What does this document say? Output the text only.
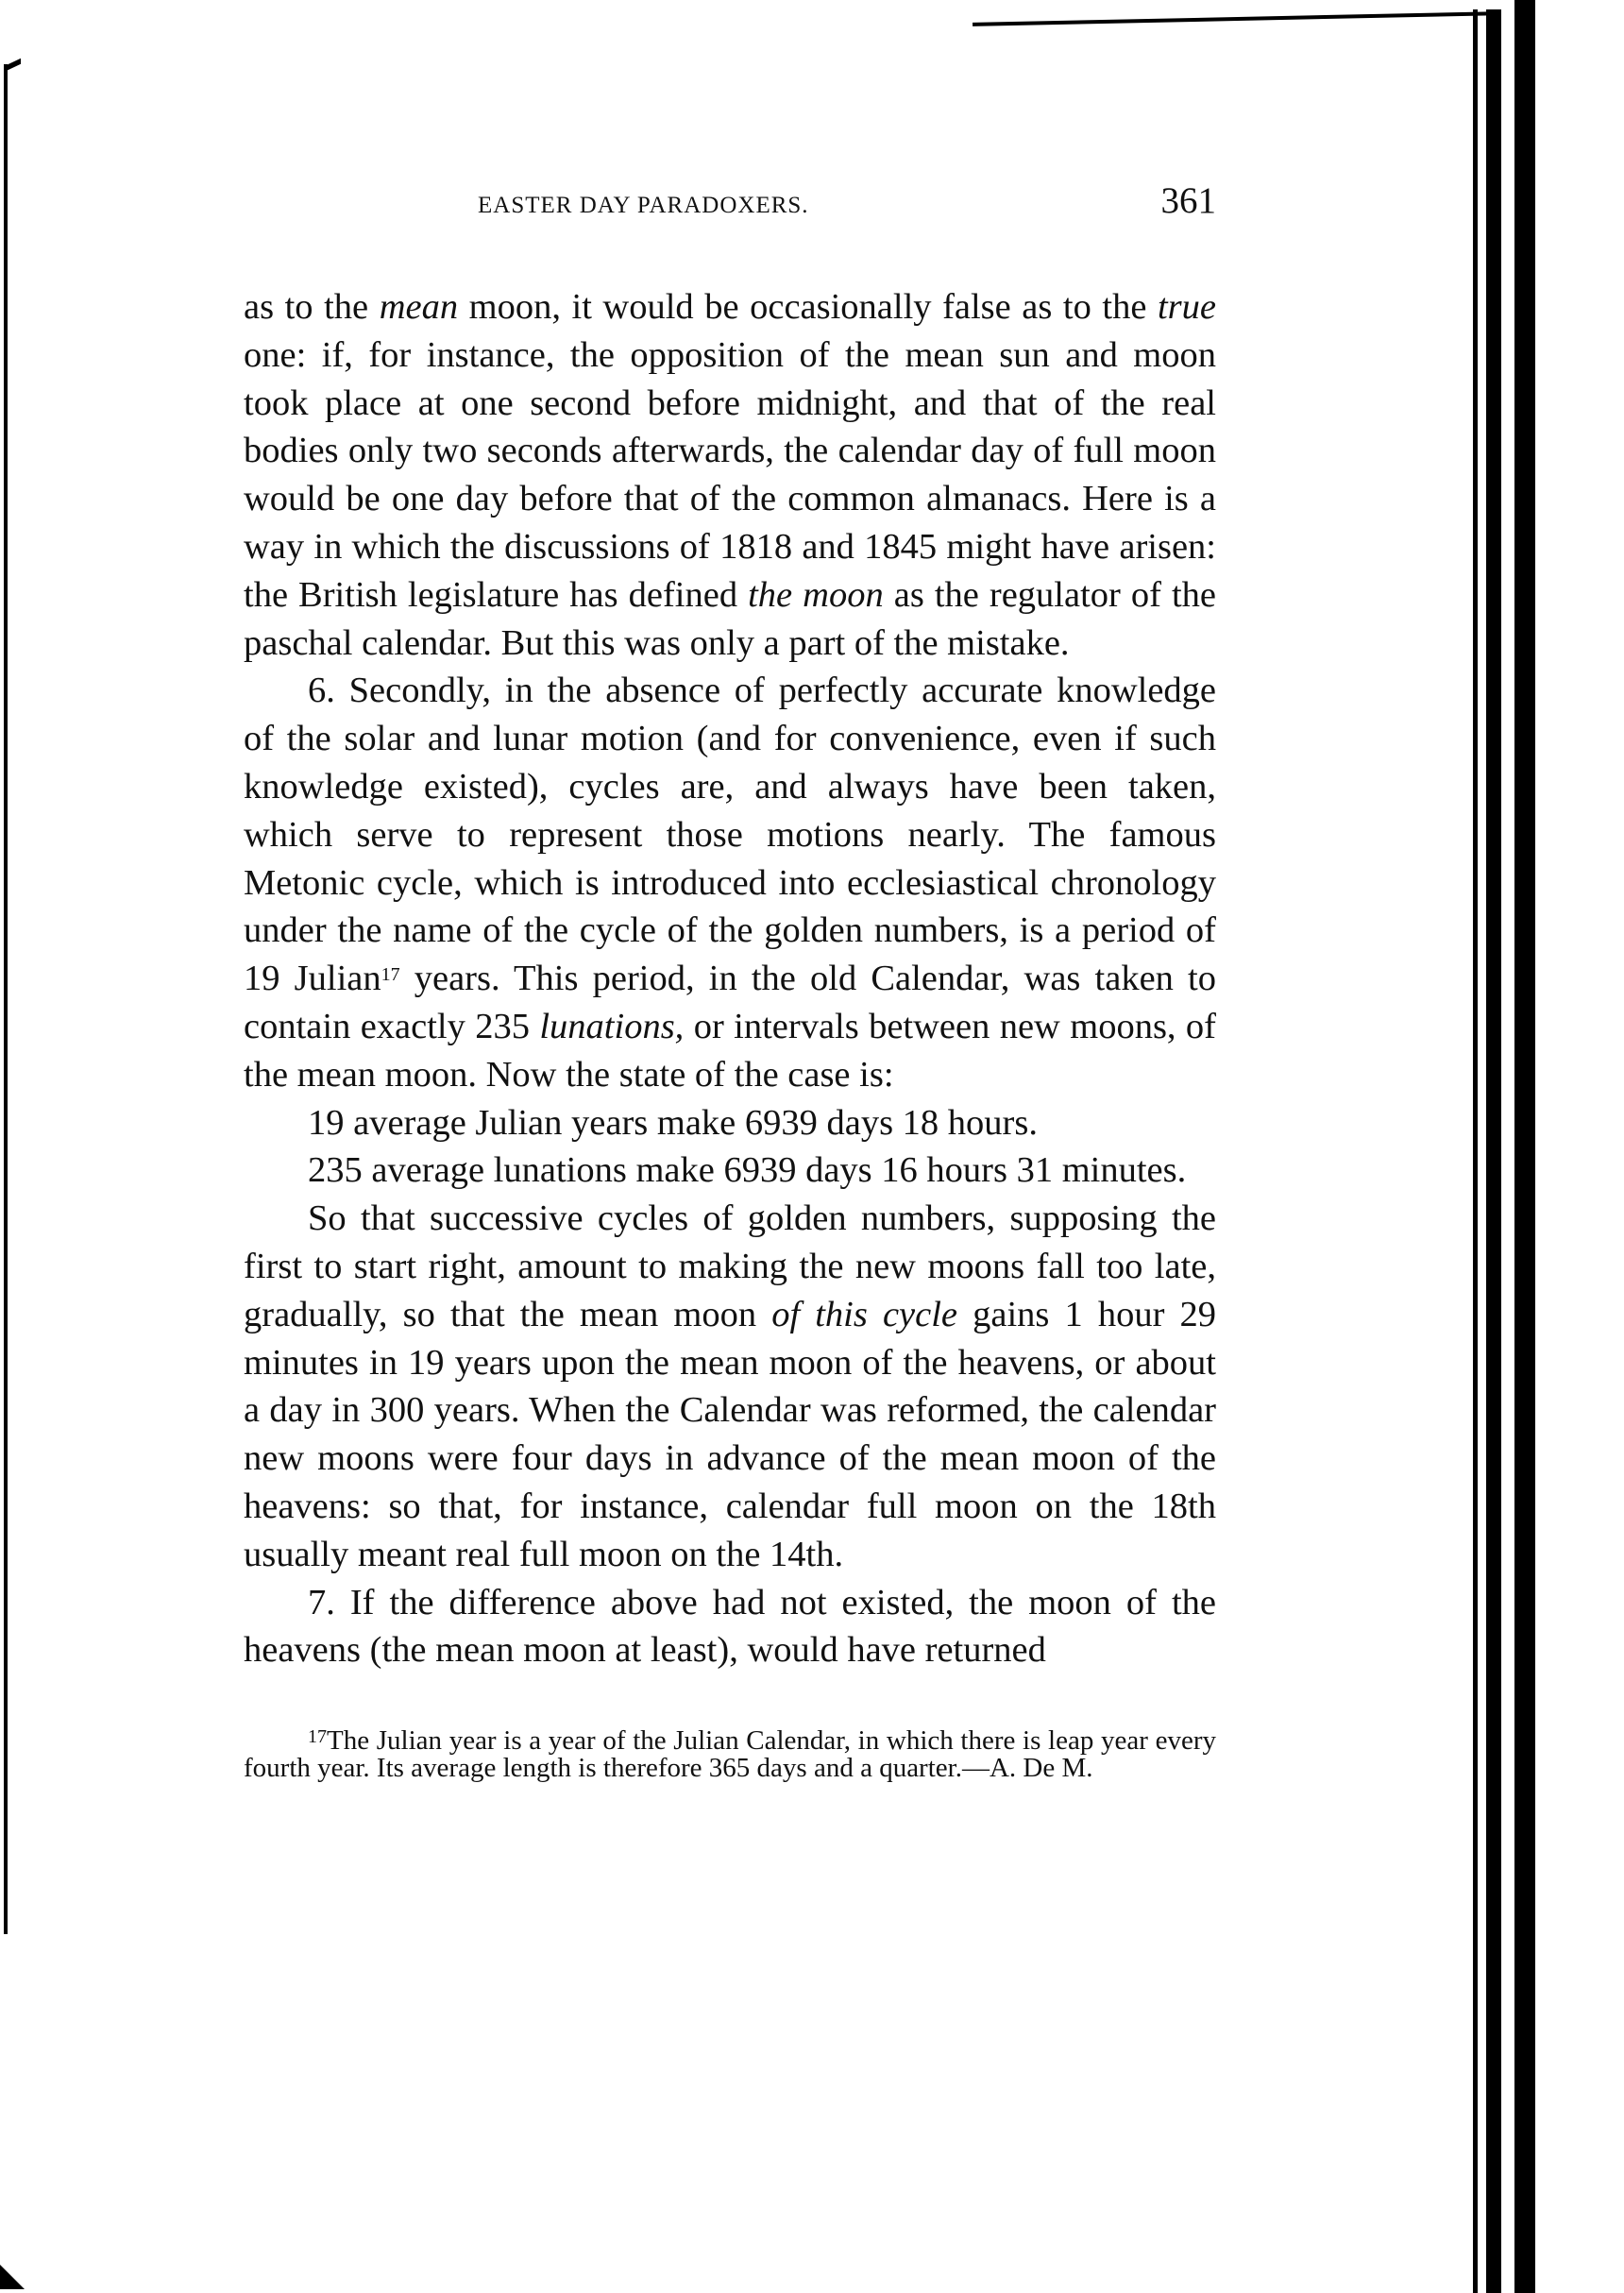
EASTER DAY PARADOXERS.	361

as to the mean moon, it would be occasionally false as to the true one: if, for instance, the opposition of the mean sun and moon took place at one second before midnight, and that of the real bodies only two seconds afterwards, the calendar day of full moon would be one day before that of the common almanacs. Here is a way in which the discussions of 1818 and 1845 might have arisen: the British legislature has defined the moon as the regulator of the paschal calendar. But this was only a part of the mistake.

6. Secondly, in the absence of perfectly accurate knowledge of the solar and lunar motion (and for convenience, even if such knowledge existed), cycles are, and always have been taken, which serve to represent those motions nearly. The famous Metonic cycle, which is introduced into ecclesiastical chronology under the name of the cycle of the golden numbers, is a period of 19 Julian$^{17}$ years. This period, in the old Calendar, was taken to contain exactly 235 lunations, or intervals between new moons, of the mean moon. Now the state of the case is:

19 average Julian years make 6939 days 18 hours.

235 average lunations make 6939 days 16 hours 31 minutes.

So that successive cycles of golden numbers, supposing the first to start right, amount to making the new moons fall too late, gradually, so that the mean moon of this cycle gains 1 hour 29 minutes in 19 years upon the mean moon of the heavens, or about a day in 300 years. When the Calendar was reformed, the calendar new moons were four days in advance of the mean moon of the heavens: so that, for instance, calendar full moon on the 18th usually meant real full moon on the 14th.

7. If the difference above had not existed, the moon of the heavens (the mean moon at least), would have returned

$^{17}$The Julian year is a year of the Julian Calendar, in which there is leap year every fourth year. Its average length is therefore 365 days and a quarter.—A. De M.
